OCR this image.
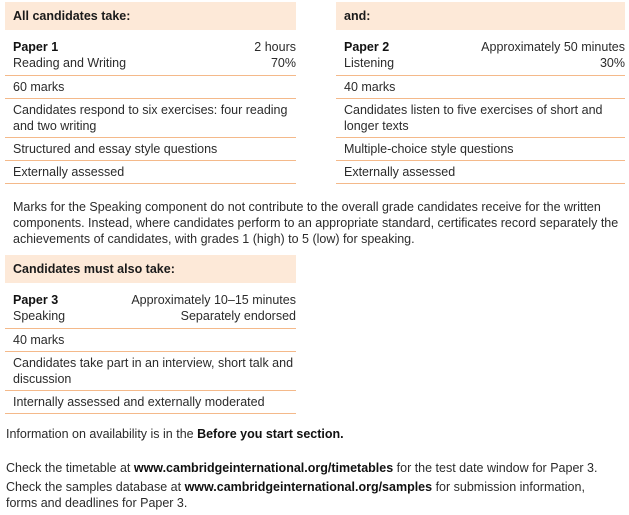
All candidates take:
Paper 1	2 hours
Reading and Writing	70%
60 marks
Candidates respond to six exercises: four reading and two writing
Structured and essay style questions
Externally assessed
and:
Paper 2	Approximately 50 minutes
Listening	30%
40 marks
Candidates listen to five exercises of short and longer texts
Multiple-choice style questions
Externally assessed
Marks for the Speaking component do not contribute to the overall grade candidates receive for the written components. Instead, where candidates perform to an appropriate standard, certificates record separately the achievements of candidates, with grades 1 (high) to 5 (low) for speaking.
Candidates must also take:
Paper 3	Approximately 10–15 minutes
Speaking	Separately endorsed
40 marks
Candidates take part in an interview, short talk and discussion
Internally assessed and externally moderated
Information on availability is in the Before you start section.
Check the timetable at www.cambridgeinternational.org/timetables for the test date window for Paper 3.
Check the samples database at www.cambridgeinternational.org/samples for submission information, forms and deadlines for Paper 3.
